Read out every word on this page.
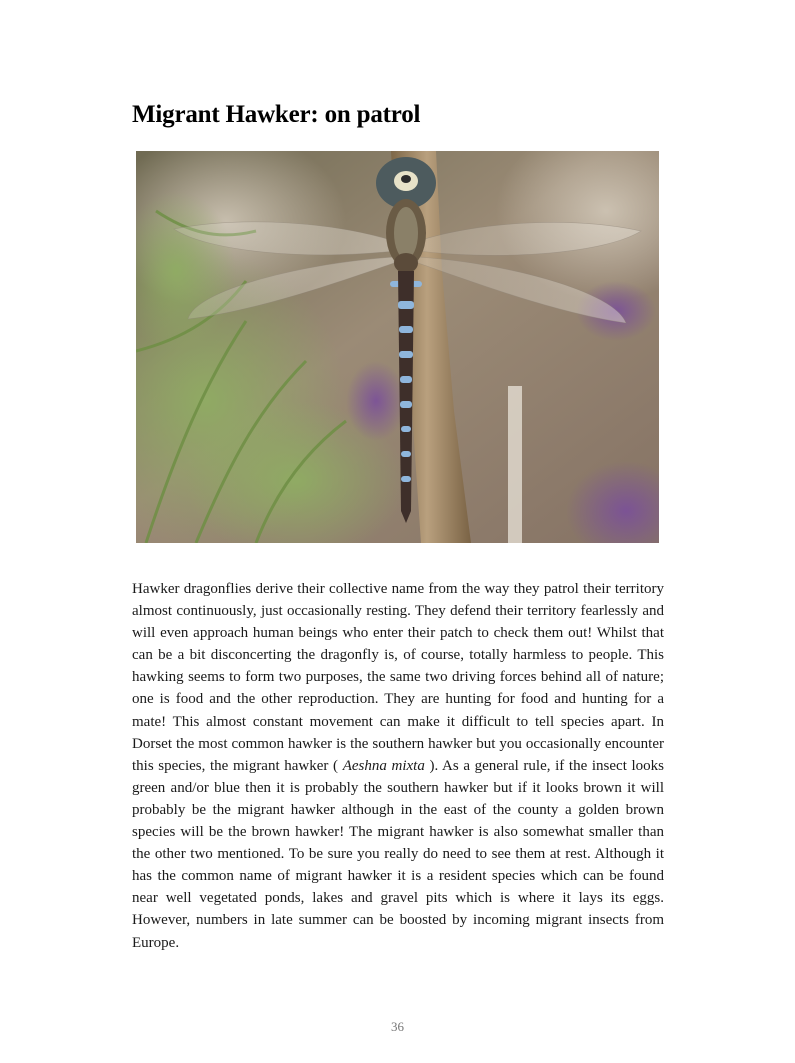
Migrant Hawker: on patrol

Hawker dragonflies derive their collective name from the way they patrol their territory almost continuously, just occasionally resting. They defend their territory fearlessly and will even approach human beings who enter their patch to check them out! Whilst that can be a bit disconcerting the dragonfly is, of course, totally harmless to people. This hawking seems to form two purposes, the same two driving forces behind all of nature; one is food and the other reproduction. They are hunting for food and hunting for a mate! This almost constant movement can make it difficult to tell species apart. In Dorset the most common hawker is the southern hawker but you occasionally encounter this species, the migrant hawker ( Aeshna mixta ). As a general rule, if the insect looks green and/or blue then it is probably the southern hawker but if it looks brown it will probably be the migrant hawker although in the east of the county a golden brown species will be the brown hawker! The migrant hawker is also somewhat smaller than the other two mentioned. To be sure you really do need to see them at rest. Although it has the common name of migrant hawker it is a resident species which can be found near well vegetated ponds, lakes and gravel pits which is where it lays its eggs. However, numbers in late summer can be boosted by incoming migrant insects from Europe.

36
